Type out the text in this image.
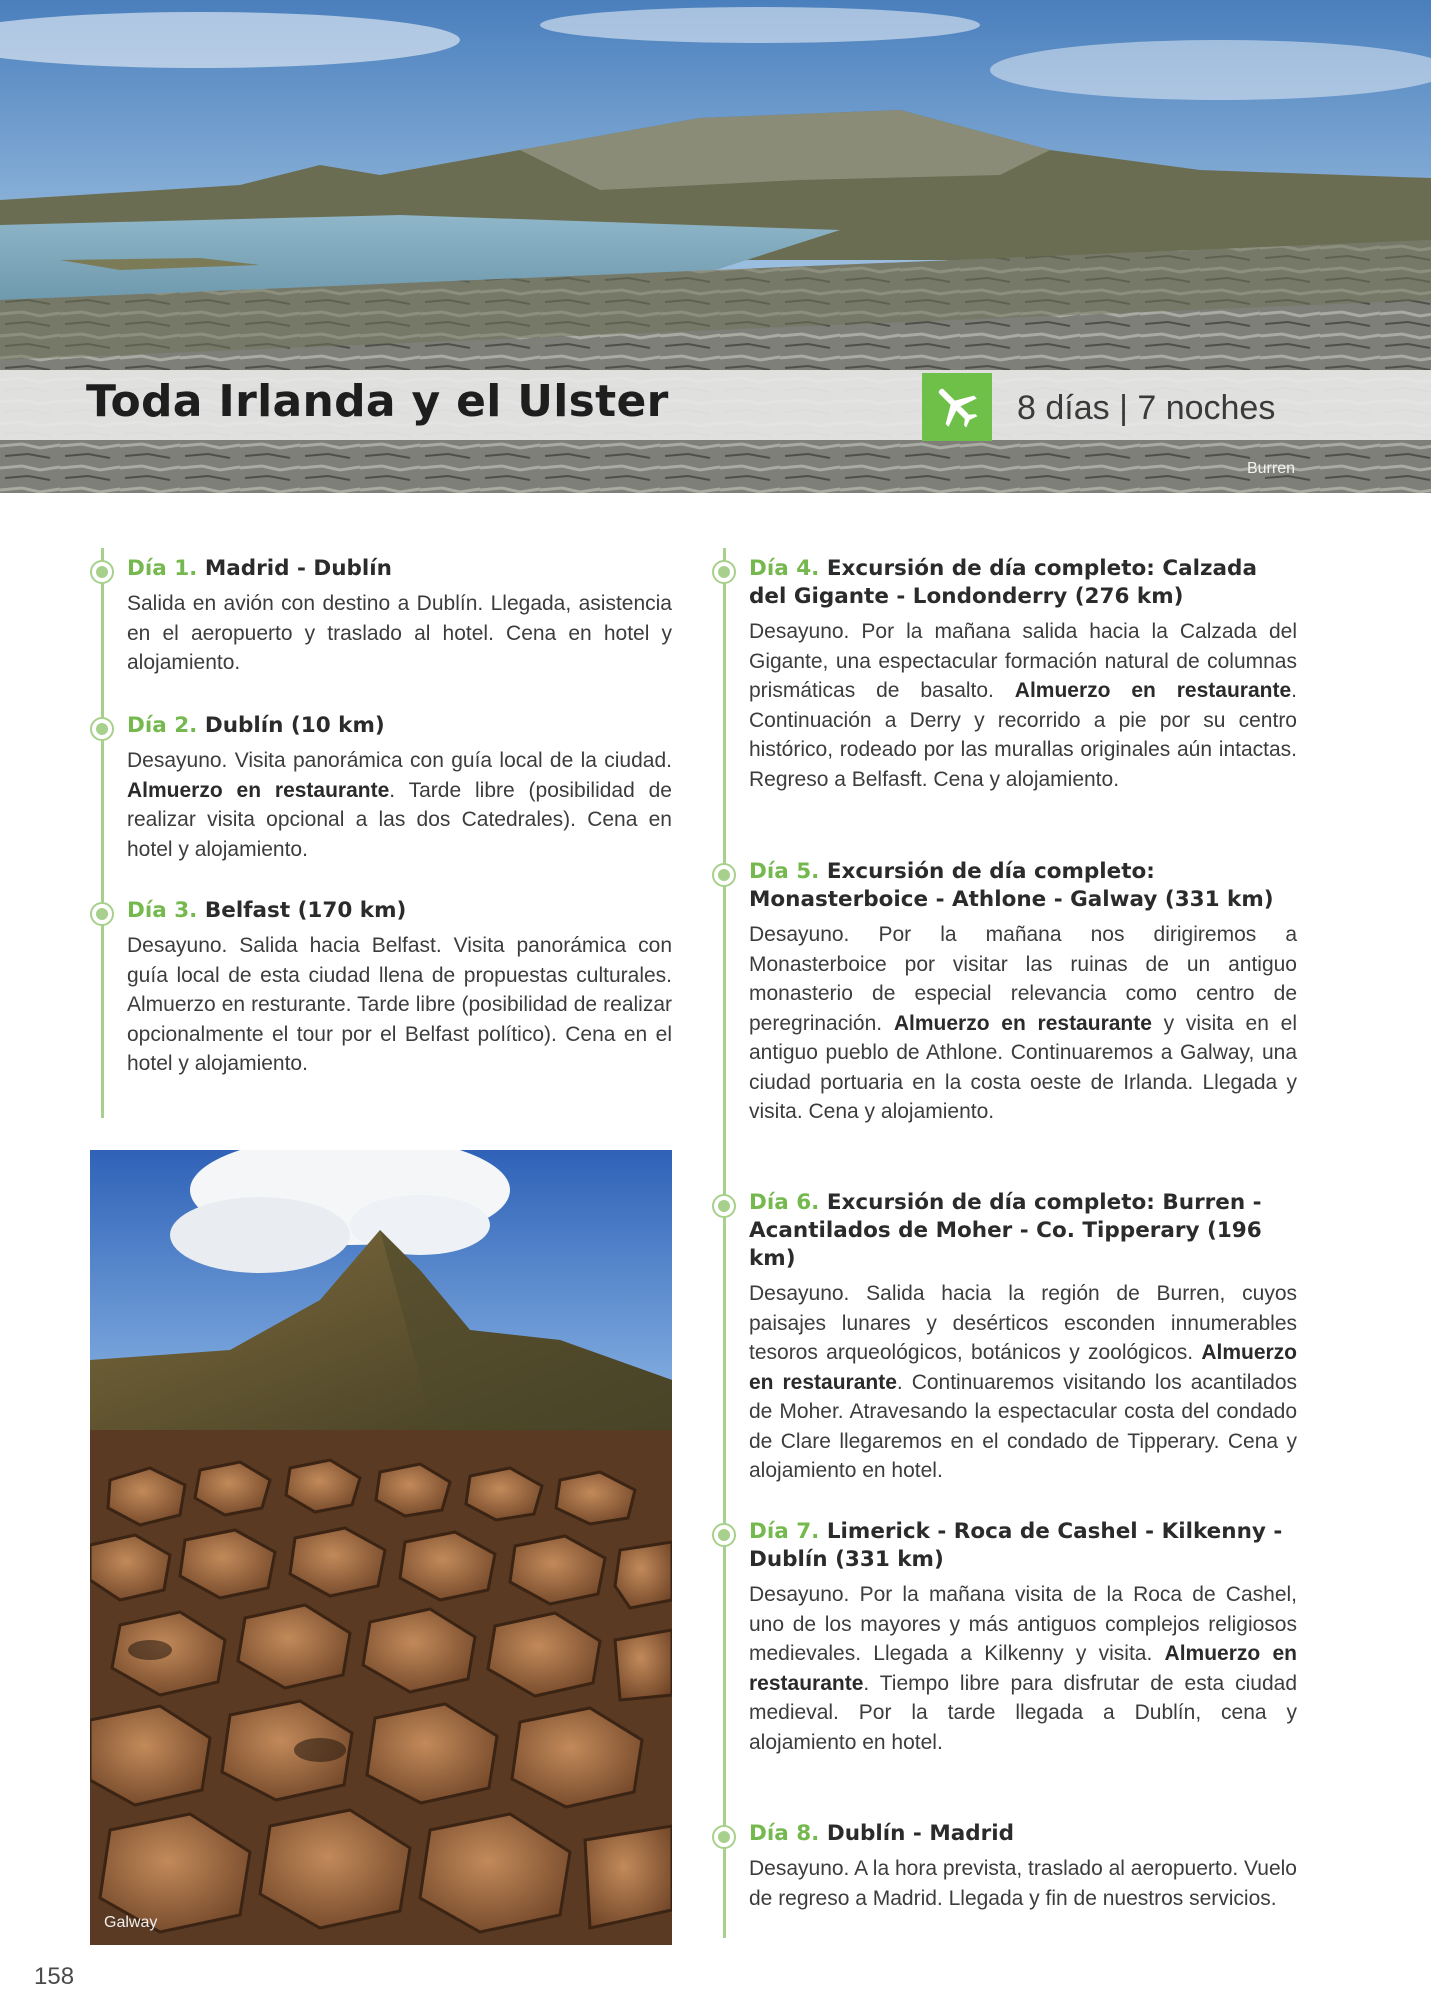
Toda Irlanda y el Ulster	8 días | 7 noches
Burren
Día 1. Madrid - Dublín

Salida en avión con destino a Dublín. Llegada, asistencia en el aeropuerto y traslado al hotel. Cena en hotel y alojamiento.

Día 2. Dublín (10 km)

Desayuno. Visita panorámica con guía local de la ciudad. Almuerzo en restaurante. Tarde libre (posibilidad de realizar visita opcional a las dos Catedrales). Cena en hotel y alojamiento.

Día 3. Belfast (170 km)

Desayuno. Salida hacia Belfast. Visita panorámica con guía local de esta ciudad llena de propuestas culturales. Almuerzo en resturante. Tarde libre (posibilidad de realizar opcionalmente el tour por el Belfast político). Cena en el hotel y alojamiento.

Día 4. Excursión de día completo: Calzada del Gigante - Londonderry (276 km)

Desayuno. Por la mañana salida hacia la Calzada del Gigante, una espectacular formación natural de columnas prismáticas de basalto. Almuerzo en restaurante. Continuación a Derry y recorrido a pie por su centro histórico, rodeado por las murallas originales aún intactas. Regreso a Belfasft. Cena y alojamiento.

Día 5. Excursión de día completo: Monasterboice - Athlone - Galway (331 km)

Desayuno. Por la mañana nos dirigiremos a Monasterboice por visitar las ruinas de un antiguo monasterio de especial relevancia como centro de peregrinación. Almuerzo en restaurante y visita en el antiguo pueblo de Athlone. Continuaremos a Galway, una ciudad portuaria en la costa oeste de Irlanda. Llegada y visita. Cena y alojamiento.

Día 6. Excursión de día completo: Burren - Acantilados de Moher - Co. Tipperary (196 km)

Desayuno. Salida hacia la región de Burren, cuyos paisajes lunares y desérticos esconden innumerables tesoros arqueológicos, botánicos y zoológicos. Almuerzo en restaurante. Continuaremos visitando los acantilados de Moher. Atravesando la espectacular costa del condado de Clare llegaremos en el condado de Tipperary. Cena y alojamiento en hotel.

Día 7. Limerick - Roca de Cashel - Kilkenny - Dublín (331 km)

Desayuno. Por la mañana visita de la Roca de Cashel, uno de los mayores y más antiguos complejos religiosos medievales. Llegada a Kilkenny y visita. Almuerzo en restaurante. Tiempo libre para disfrutar de esta ciudad medieval. Por la tarde llegada a Dublín, cena y alojamiento en hotel.

Día 8. Dublín - Madrid

Desayuno. A la hora prevista, traslado al aeropuerto. Vuelo de regreso a Madrid. Llegada y fin de nuestros servicios.

Galway
158
